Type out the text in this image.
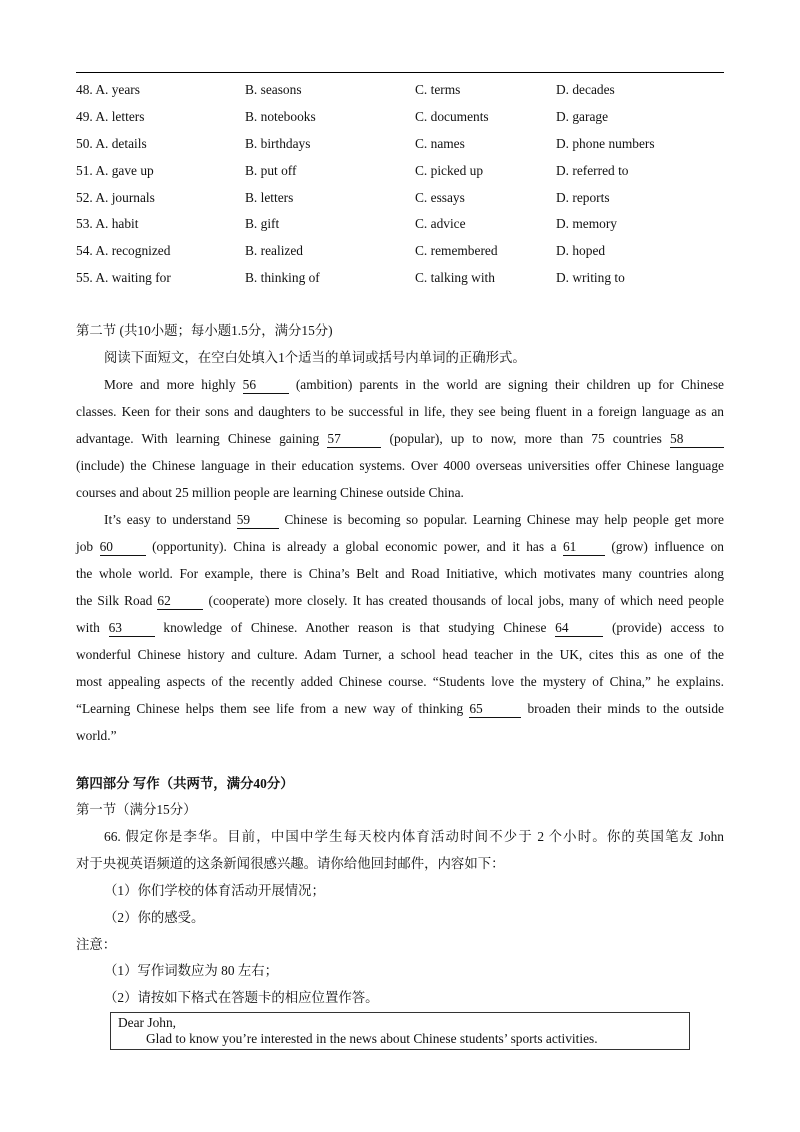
48. A. years	B. seasons	C. terms	D. decades
49. A. letters	B. notebooks	C. documents	D. garage
50. A. details	B. birthdays	C. names	D. phone numbers
51. A. gave up	B. put off	C. picked up	D. referred to
52. A. journals	B. letters	C. essays	D. reports
53. A. habit	B. gift	C. advice	D. memory
54. A. recognized	B. realized	C. remembered	D. hoped
55. A. waiting for	B. thinking of	C. talking with	D. writing to
第二节 (共10小题；每小题1.5分，满分15分)
阅读下面短文，在空白处填入1个适当的单词或括号内单词的正确形式。
More and more highly 56	(ambition) parents in the world are signing their children up for Chinese
classes. Keen for their sons and daughters to be successful in life, they see being fluent in a foreign language as an
advantage. With learning Chinese gaining 57	(popular), up to now, more than 75 countries 58
(include) the Chinese language in their education systems. Over 4000 overseas universities offer Chinese language
courses and about 25 million people are learning Chinese outside China.
It’s easy to understand 59	Chinese is becoming so popular. Learning Chinese may help people get more
job 60	(opportunity). China is already a global economic power, and it has a 61	(grow) influence on
the whole world. For example, there is China’s Belt and Road Initiative, which motivates many countries along
the Silk Road 62	(cooperate) more closely. It has created thousands of local jobs, many of which need people
with 63	knowledge of Chinese. Another reason is that studying Chinese 64	(provide) access to
wonderful Chinese history and culture. Adam Turner, a school head teacher in the UK, cites this as one of the
most appealing aspects of the recently added Chinese course. “Students love the mystery of China,” he explains.
“Learning Chinese helps them see life from a new way of thinking 65	broaden their minds to the outside
world.”
第四部分 写作（共两节，满分40分）
第一节（满分15分）
66. 假定你是李华。目前，中国中学生每天校内体育活动时间不少于 2 个小时。你的英国笔友 John
对于央视英语频道的这条新闻很感兴趣。请你给他回封邮件，内容如下：
（1）你们学校的体育活动开展情况；
（2）你的感受。
注意：
（1）写作词数应为 80 左右；
（2）请按如下格式在答题卡的相应位置作答。
Dear John,
Glad to know you’re interested in the news about Chinese students’ sports activities.
